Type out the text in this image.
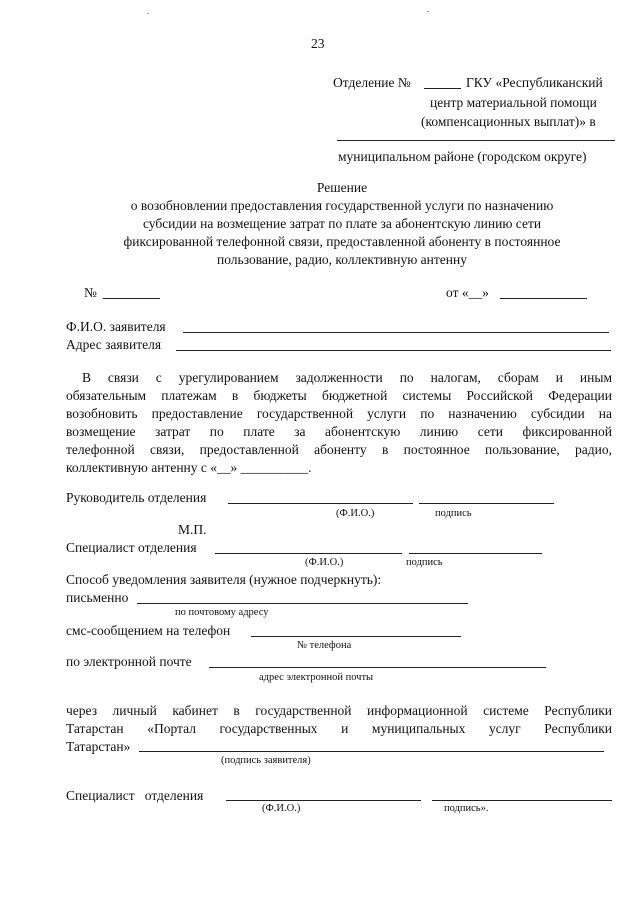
23
Отделение №	ГКУ «Республиканский
центр материальной помощи
(компенсационных выплат)» в
муниципальном районе (городском округе)
Решение
о возобновлении предоставления государственной услуги по назначению
субсидии на возмещение затрат по плате за абонентскую линию сети
фиксированной телефонной связи, предоставленной абоненту в постоянное
пользование, радио, коллективную антенну
№	от «__»
Ф.И.О. заявителя
Адрес заявителя
В связи с урегулированием задолженности по налогам, сборам и иным
обязательным платежам в бюджеты бюджетной системы Российской Федерации
возобновить предоставление государственной услуги по назначению субсидии на
возмещение затрат по плате за абонентскую линию сети фиксированной
телефонной связи, предоставленной абоненту в постоянное пользование, радио,
коллективную антенну с «__» __________.
Руководитель отделения
(Ф.И.О.)	подпись
М.П.
Специалист отделения
(Ф.И.О.)	подпись
Способ уведомления заявителя (нужное подчеркнуть):
письменно
по почтовому адресу
смс-сообщением на телефон
№ телефона
по электронной почте
адрес электронной почты
через личный кабинет в государственной информационной системе Республики
Татарстан «Портал государственных и муниципальных услуг Республики
Татарстан»
(подпись заявителя)
Специалист   отделения
(Ф.И.О.)	подпись».
